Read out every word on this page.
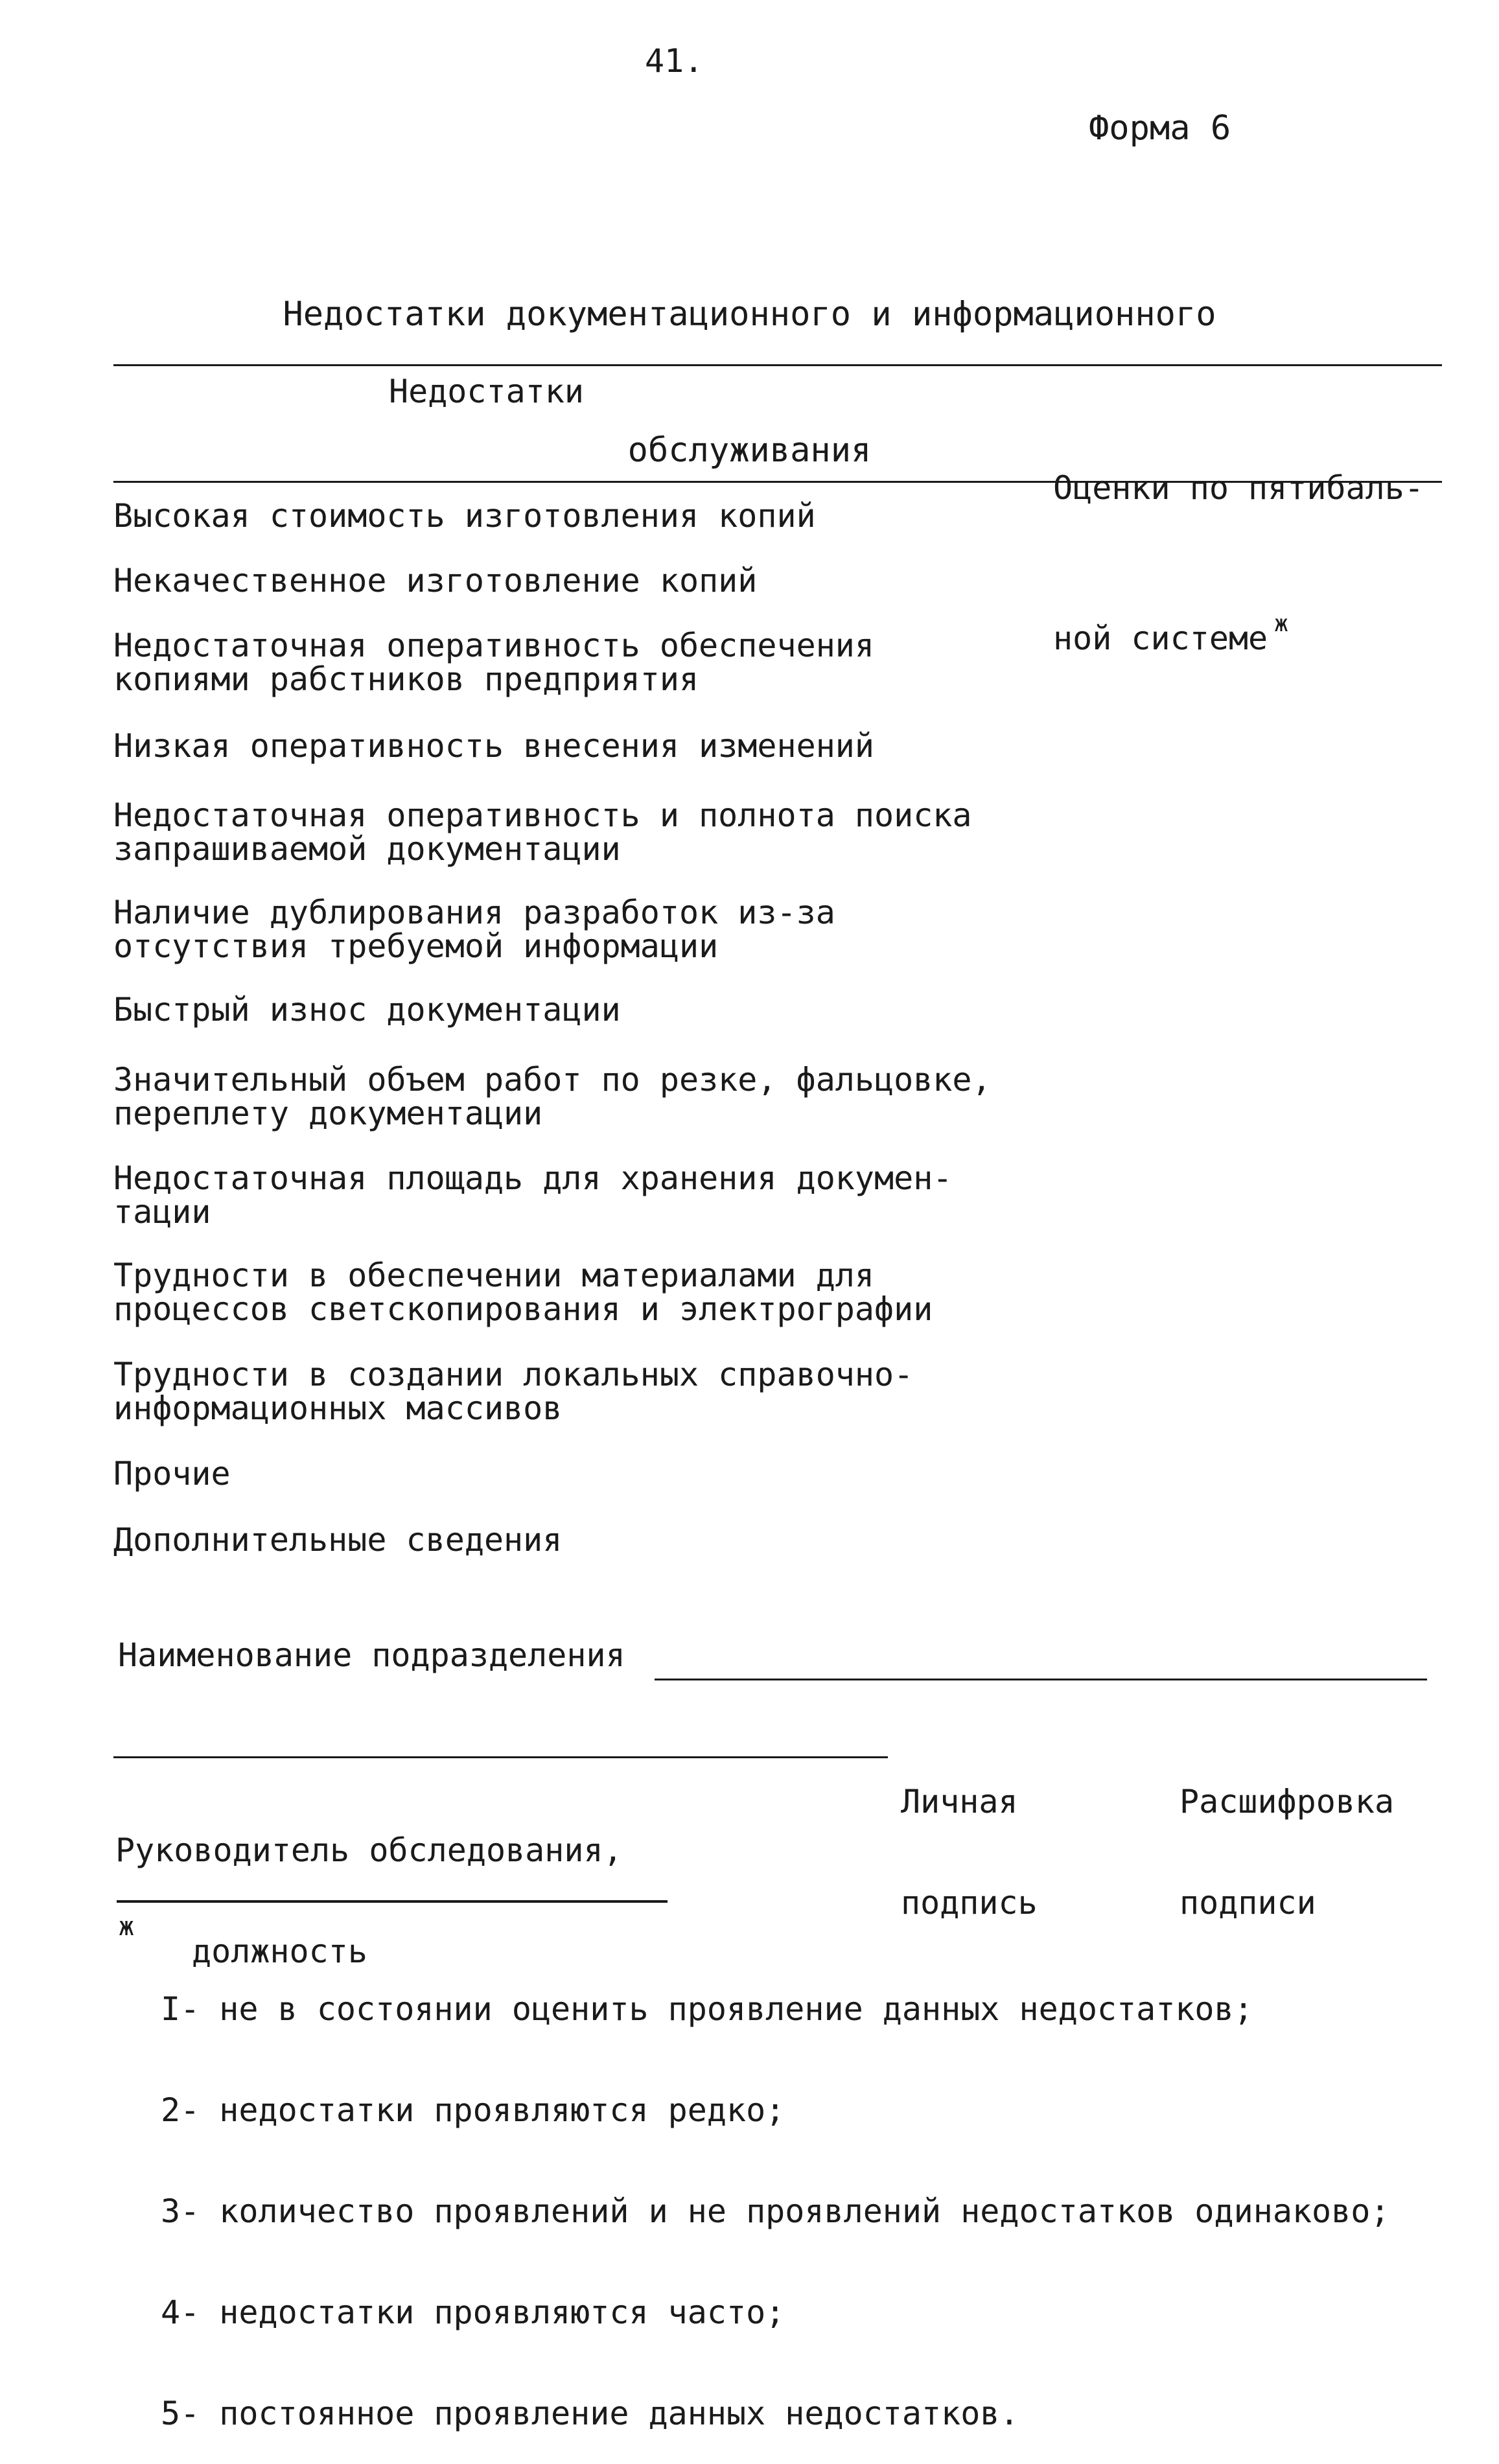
41.
Форма 6

Недостатки документационного и информационного

обслуживания

Недостатки

Оценки по пятибаль-

ной системе $^ж$

Высокая стоимость изготовления копий
Некачественное изготовление копий
Недостаточная оперативность обеспечения
копиями рабстников предприятия
Низкая оперативность внесения изменений
Недостаточная оперативность и полнота поиска
запрашиваемой документации
Наличие дублирования разработок из-за
отсутствия требуемой информации
Быстрый износ документации
Значительный объем работ по резке, фальцовке,
переплету документации
Недостаточная площадь для хранения докумен-
тации
Трудности в обеспечении материалами для
процессов светскопирования и электрографии
Трудности в создании локальных справочно-
информационных массивов
Прочие
Дополнительные сведения
Наименование подразделения

Руководитель обследования,

должность

Личная

подпись

Расшифровка

подписи

ж

I- не в состоянии оценить проявление данных недостатков;

2- недостатки проявляются редко;

3- количество проявлений и не проявлений недостатков одинаково;

4- недостатки проявляются часто;

5- постоянное проявление данных недостатков.
